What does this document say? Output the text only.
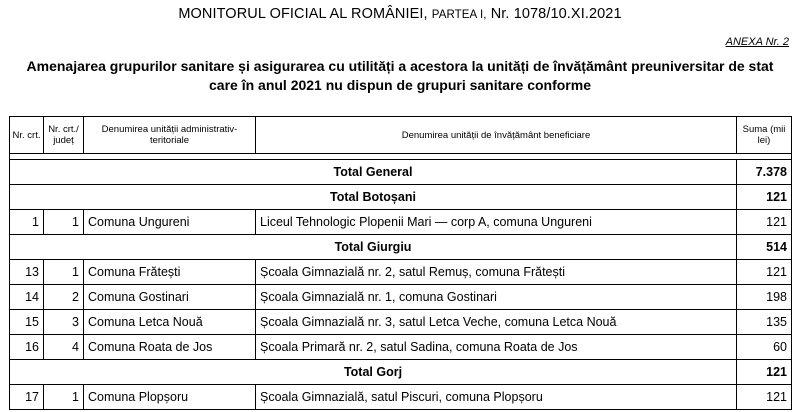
MONITORUL OFICIAL AL ROMÂNIEI, PARTEA I, Nr. 1078/10.XI.2021
ANEXA Nr. 2
Amenajarea grupurilor sanitare și asigurarea cu utilități a acestora la unități de învățământ preuniversitar de stat
care în anul 2021 nu dispun de grupuri sanitare conforme
Nr. crt.	Nr. crt./ județ	Denumirea unității administrativ-teritoriale	Denumirea unității de învățământ beneficiare	Suma (mii lei)

Total General				7.378
Total Botoșani				121
1	1	Comuna Ungureni	Liceul Tehnologic Plopenii Mari — corp A, comuna Ungureni	121
Total Giurgiu				514
13	1	Comuna Frătești	Școala Gimnazială nr. 2, satul Remuș, comuna Frătești	121
14	2	Comuna Gostinari	Școala Gimnazială nr. 1, comuna Gostinari	198
15	3	Comuna Letca Nouă	Școala Gimnazială nr. 3, satul Letca Veche, comuna Letca Nouă	135
16	4	Comuna Roata de Jos	Școala Primară nr. 2, satul Sadina, comuna Roata de Jos	60
Total Gorj				121
17	1	Comuna Plopșoru	Școala Gimnazială, satul Piscuri, comuna Plopșoru	121
